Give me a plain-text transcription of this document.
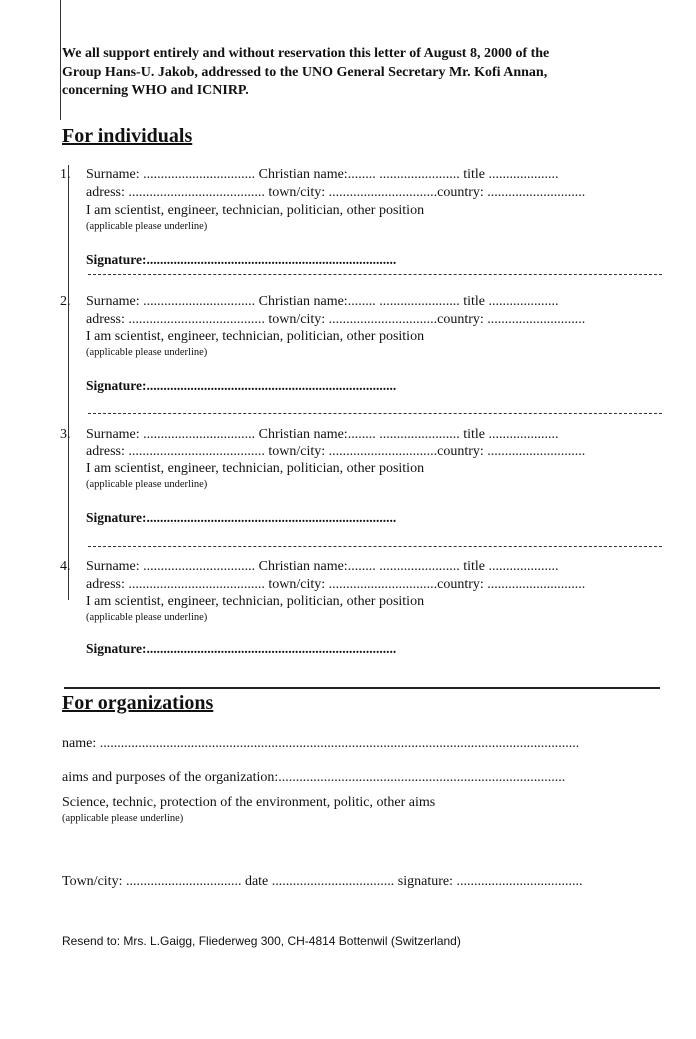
We all support entirely and without reservation this letter of August 8, 2000 of the
Group Hans-U. Jakob, addressed to the UNO General Secretary Mr. Kofi Annan,
concerning WHO and ICNIRP.
For individuals
1. Surname: ................................ Christian name:........ ....................... title ....................
adress: ....................................... town/city: ...............................country: ............................
I am scientist, engineer, technician, politician, other position
(applicable please underline)
Signature:..........................................................................
2. Surname: ................................ Christian name:........ ....................... title ....................
adress: ....................................... town/city: ...............................country: ............................
I am scientist, engineer, technician, politician, other position
(applicable please underline)
Signature:..........................................................................
3. Surname: ................................ Christian name:........ ....................... title ....................
adress: ....................................... town/city: ...............................country: ............................
I am scientist, engineer, technician, politician, other position
(applicable please underline)
Signature:..........................................................................
4. Surname: ................................ Christian name:........ ....................... title ....................
adress: ....................................... town/city: ...............................country: ............................
I am scientist, engineer, technician, politician, other position
(applicable please underline)
Signature:..........................................................................
For organizations
name: .........................................................................................................................................
aims and purposes of the organization:..................................................................................
Science, technic, protection of the environment, politic, other aims
(applicable please underline)
Town/city: ................................. date ................................... signature: ....................................
Resend to: Mrs. L.Gaigg, Fliederweg 300, CH-4814 Bottenwil (Switzerland)
